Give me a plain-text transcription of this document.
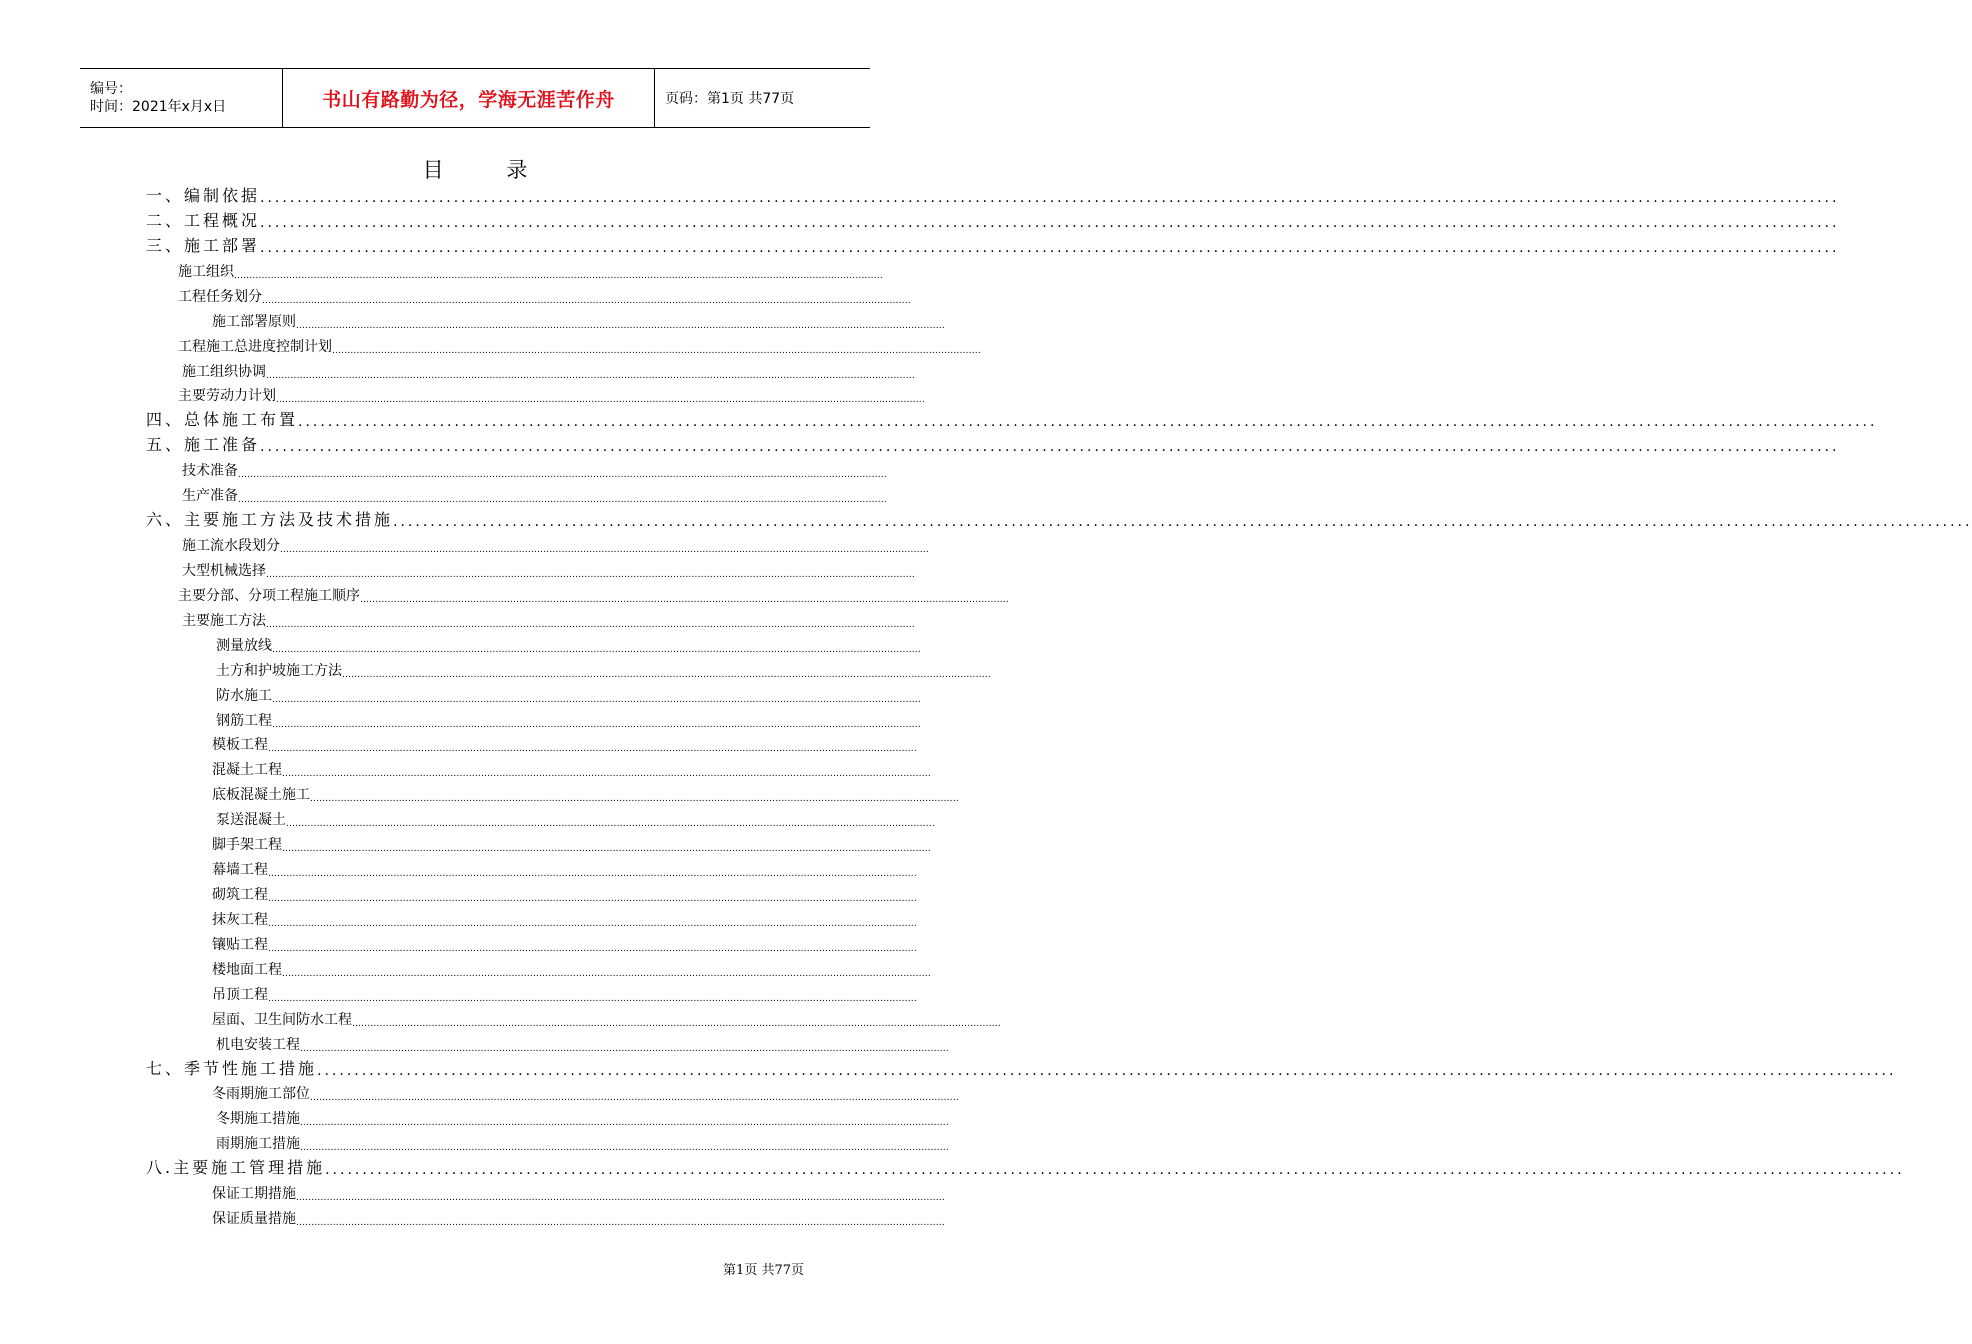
编号：
时间：2021年x月x日	书山有路勤为径，学海无涯苦作舟	页码：第1页 共77页
目 录
一、编制依据 ....................................................................................................................................................................................................................
二、工程概况 ....................................................................................................................................................................................................................
三、施工部署 ....................................................................................................................................................................................................................
施工组织 ....................................................................................................................................................................................................................
工程任务划分 ....................................................................................................................................................................................................................
施工部署原则 ....................................................................................................................................................................................................................
工程施工总进度控制计划 ....................................................................................................................................................................................................................
施工组织协调 ....................................................................................................................................................................................................................
主要劳动力计划 ....................................................................................................................................................................................................................
四、总体施工布置 ....................................................................................................................................................................................................................
五、施工准备 ....................................................................................................................................................................................................................
技术准备 ....................................................................................................................................................................................................................
生产准备 ....................................................................................................................................................................................................................
六、主要施工方法及技术措施 ....................................................................................................................................................................................................................
施工流水段划分 ....................................................................................................................................................................................................................
大型机械选择 ....................................................................................................................................................................................................................
主要分部、分项工程施工顺序 ....................................................................................................................................................................................................................
主要施工方法 ....................................................................................................................................................................................................................
测量放线 ....................................................................................................................................................................................................................
土方和护坡施工方法 ....................................................................................................................................................................................................................
防水施工 ....................................................................................................................................................................................................................
钢筋工程 ....................................................................................................................................................................................................................
模板工程 ....................................................................................................................................................................................................................
混凝土工程 ....................................................................................................................................................................................................................
底板混凝土施工 ....................................................................................................................................................................................................................
泵送混凝土 ....................................................................................................................................................................................................................
脚手架工程 ....................................................................................................................................................................................................................
幕墙工程 ....................................................................................................................................................................................................................
砌筑工程 ....................................................................................................................................................................................................................
抹灰工程 ....................................................................................................................................................................................................................
镶贴工程 ....................................................................................................................................................................................................................
楼地面工程 ....................................................................................................................................................................................................................
吊顶工程 ....................................................................................................................................................................................................................
屋面、卫生间防水工程 ....................................................................................................................................................................................................................
机电安装工程 ....................................................................................................................................................................................................................
七、季节性施工措施 ....................................................................................................................................................................................................................
冬雨期施工部位 ....................................................................................................................................................................................................................
冬期施工措施 ....................................................................................................................................................................................................................
雨期施工措施 ....................................................................................................................................................................................................................
八.主要施工管理措施 ....................................................................................................................................................................................................................
保证工期措施 ....................................................................................................................................................................................................................
保证质量措施 ....................................................................................................................................................................................................................
第1页 共77页
